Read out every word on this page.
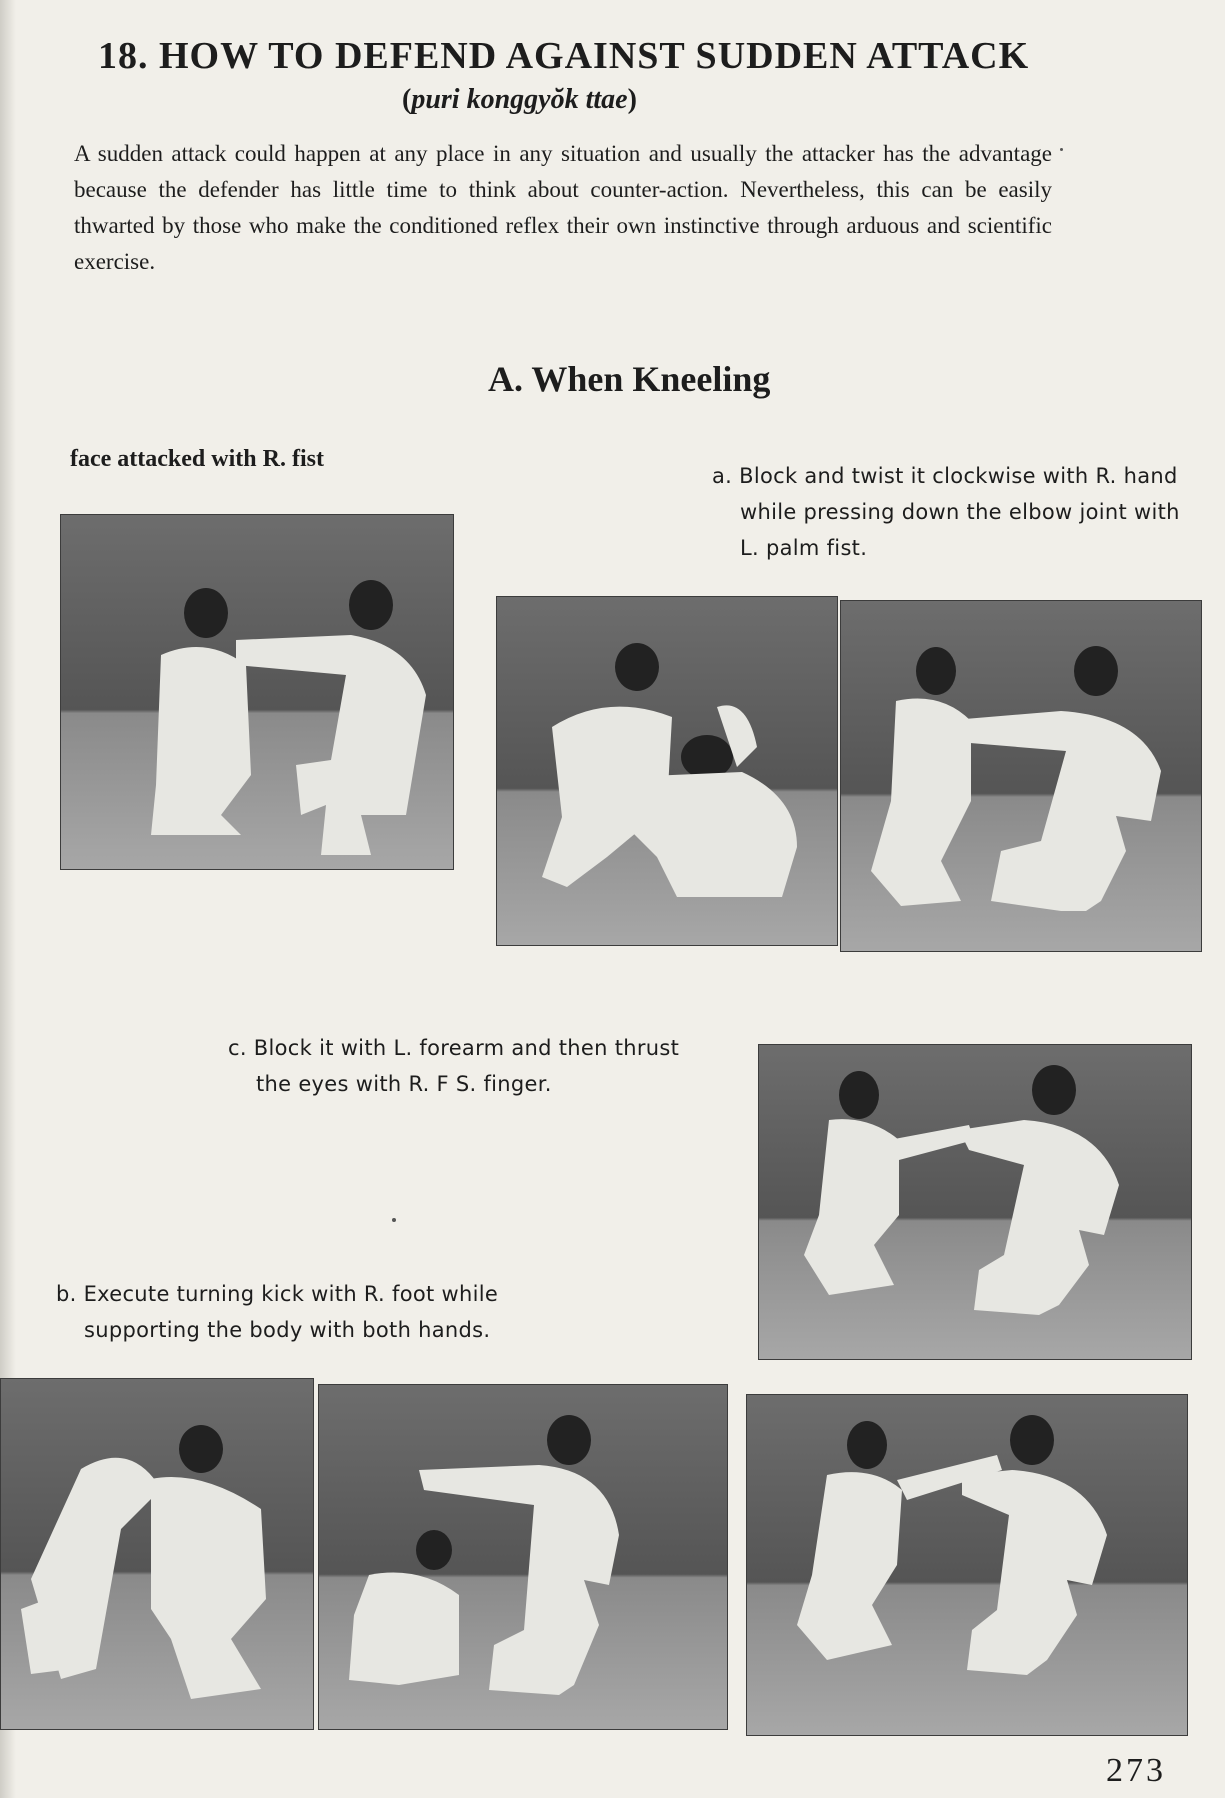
18. HOW TO DEFEND AGAINST SUDDEN ATTACK

(puri konggyŏk ttae)

A sudden attack could happen at any place in any situation and usually the attacker has the advantage because the defender has little time to think about counter-action. Nevertheless, this can be easily thwarted by those who make the conditioned reflex their own instinctive through arduous and scientific exercise.

A. When Kneeling

face attacked with R. fist

a. Block and twist it clockwise with R. hand
while pressing down the elbow joint with
L. palm fist.
c. Block it with L. forearm and then thrust
the eyes with R. F S. finger.
b. Execute turning kick with R. foot while
supporting the body with both hands.

273
